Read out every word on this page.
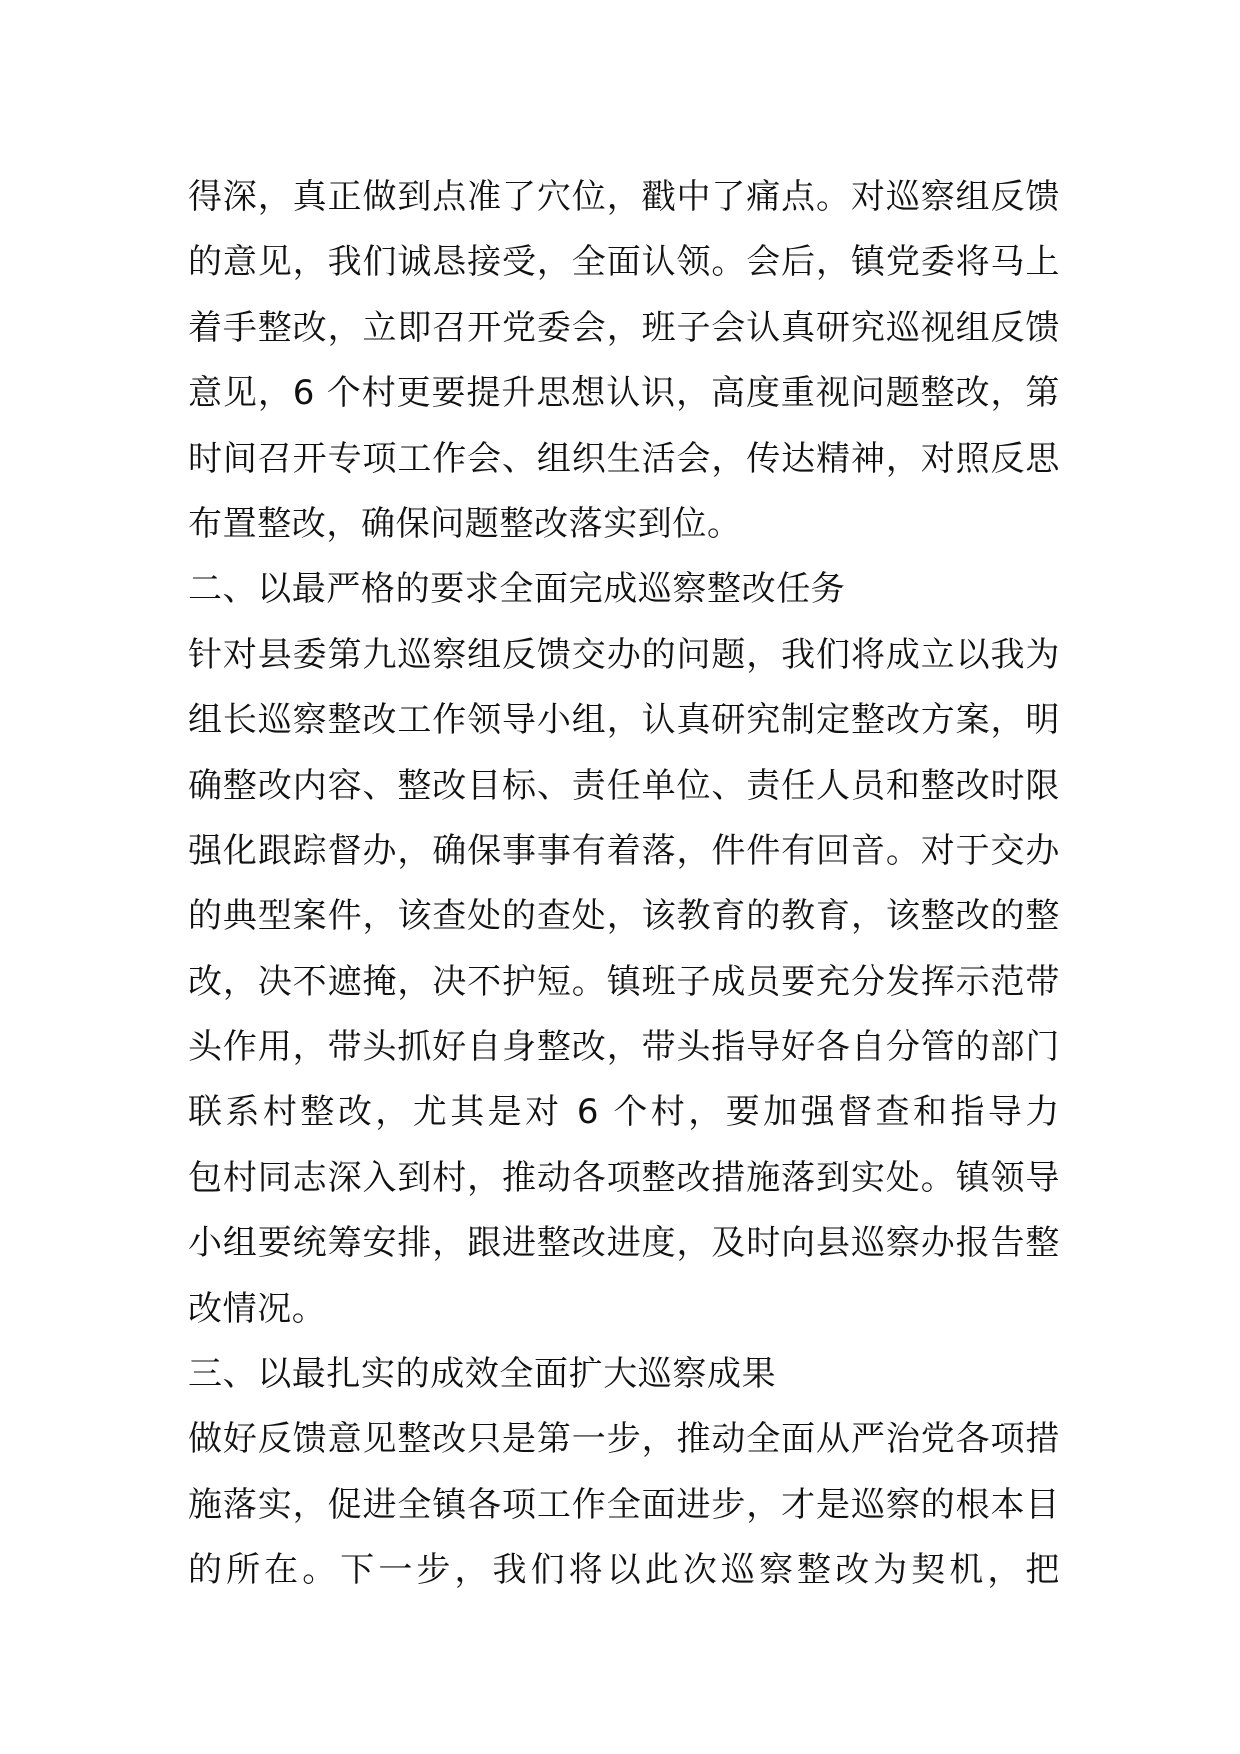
得深，真正做到点准了穴位，戳中了痛点。对巡察组反馈
的意见，我们诚恳接受，全面认领。会后，镇党委将马上
着手整改，立即召开党委会，班子会认真研究巡视组反馈
意见，6 个村更要提升思想认识，高度重视问题整改，第
时间召开专项工作会、组织生活会，传达精神，对照反思
布置整改，确保问题整改落实到位。
二、以最严格的要求全面完成巡察整改任务
针对县委第九巡察组反馈交办的问题，我们将成立以我为
组长巡察整改工作领导小组，认真研究制定整改方案，明
确整改内容、整改目标、责任单位、责任人员和整改时限
强化跟踪督办，确保事事有着落，件件有回音。对于交办
的典型案件，该查处的查处，该教育的教育，该整改的整
改，决不遮掩，决不护短。镇班子成员要充分发挥示范带
头作用，带头抓好自身整改，带头指导好各自分管的部门
联系村整改，尤其是对 6 个村，要加强督查和指导力
包村同志深入到村，推动各项整改措施落到实处。镇领导
小组要统筹安排，跟进整改进度，及时向县巡察办报告整
改情况。
三、以最扎实的成效全面扩大巡察成果
做好反馈意见整改只是第一步，推动全面从严治党各项措
施落实，促进全镇各项工作全面进步，才是巡察的根本目
的所在。下一步，我们将以此次巡察整改为契机，把
